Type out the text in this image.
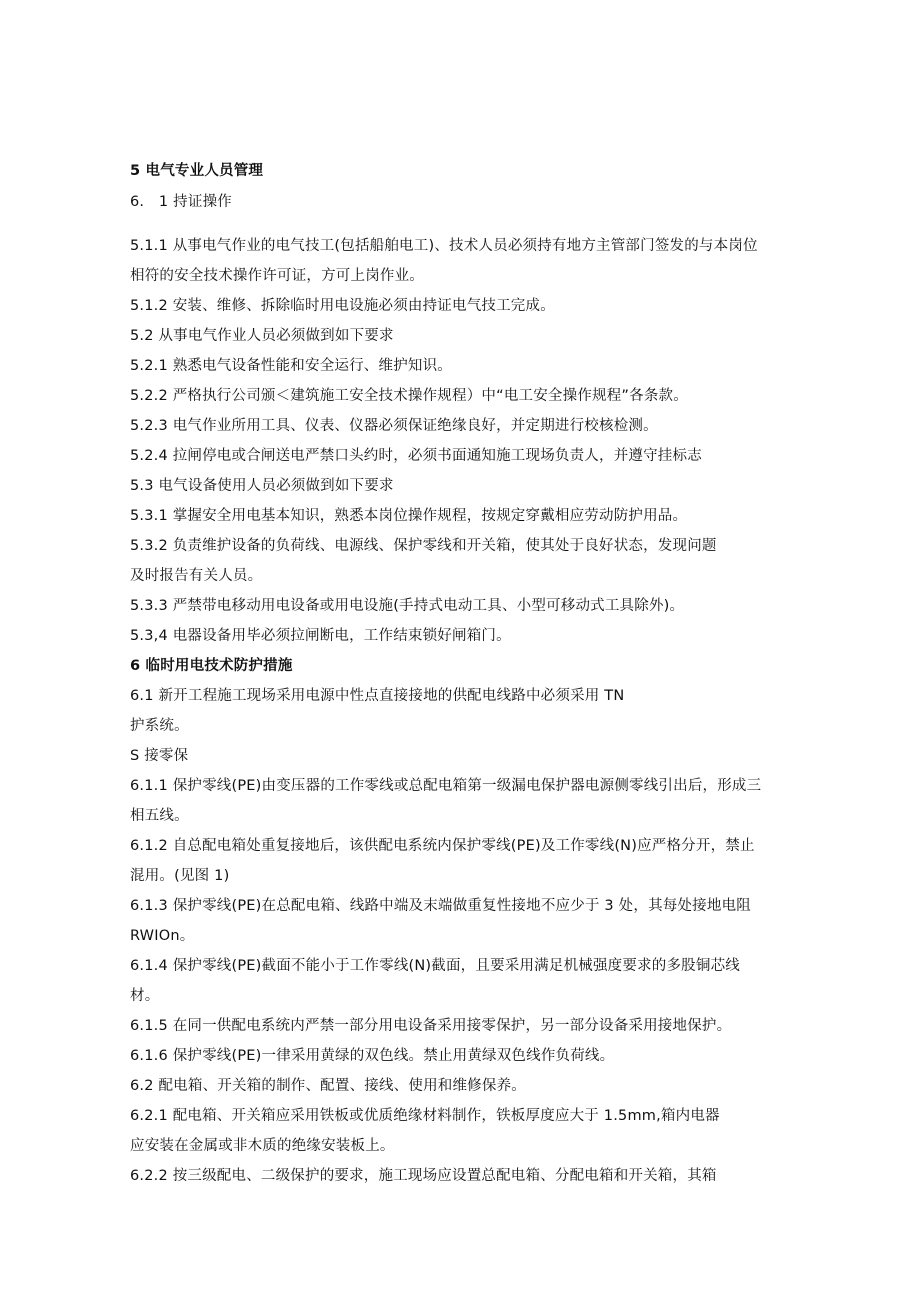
5 电气专业人员管理
6.　1 持证操作
5.1.1 从事电气作业的电气技工(包括船舶电工)、技术人员必须持有地方主管部门签发的与本岗位
相符的安全技术操作许可证，方可上岗作业。
5.1.2 安装、维修、拆除临时用电设施必须由持证电气技工完成。
5.2 从事电气作业人员必须做到如下要求
5.2.1 熟悉电气设备性能和安全运行、维护知识。
5.2.2 严格执行公司颁＜建筑施工安全技术操作规程）中“电工安全操作规程”各条款。
5.2.3 电气作业所用工具、仪表、仪器必须保证绝缘良好，并定期进行校核检测。
5.2.4 拉闸停电或合闸送电严禁口头约时，必须书面通知施工现场负责人，并遵守挂标志
5.3 电气设备使用人员必须做到如下要求
5.3.1 掌握安全用电基本知识，熟悉本岗位操作规程，按规定穿戴相应劳动防护用品。
5.3.2 负责维护设备的负荷线、电源线、保护零线和开关箱，使其处于良好状态，发现问题
及时报告有关人员。
5.3.3 严禁带电移动用电设备或用电设施(手持式电动工具、小型可移动式工具除外)。
5.3,4 电器设备用毕必须拉闸断电，工作结束锁好闸箱门。
6 临时用电技术防护措施
6.1 新开工程施工现场采用电源中性点直接接地的供配电线路中必须采用 TN
护系统。
S 接零保
6.1.1 保护零线(PE)由变压器的工作零线或总配电箱第一级漏电保护器电源侧零线引出后，形成三
相五线。
6.1.2 自总配电箱处重复接地后，该供配电系统内保护零线(PE)及工作零线(N)应严格分开，禁止
混用。(见图 1)
6.1.3 保护零线(PE)在总配电箱、线路中端及末端做重复性接地不应少于 3 处，其每处接地电阻
RWIOn。
6.1.4 保护零线(PE)截面不能小于工作零线(N)截面，且要采用满足机械强度要求的多股铜芯线
材。
6.1.5 在同一供配电系统内严禁一部分用电设备采用接零保护，另一部分设备采用接地保护。
6.1.6 保护零线(PE)一律采用黄绿的双色线。禁止用黄绿双色线作负荷线。
6.2 配电箱、开关箱的制作、配置、接线、使用和维修保养。
6.2.1 配电箱、开关箱应采用铁板或优质绝缘材料制作，铁板厚度应大于 1.5mm,箱内电器
应安装在金属或非木质的绝缘安装板上。
6.2.2 按三级配电、二级保护的要求，施工现场应设置总配电箱、分配电箱和开关箱，其箱
